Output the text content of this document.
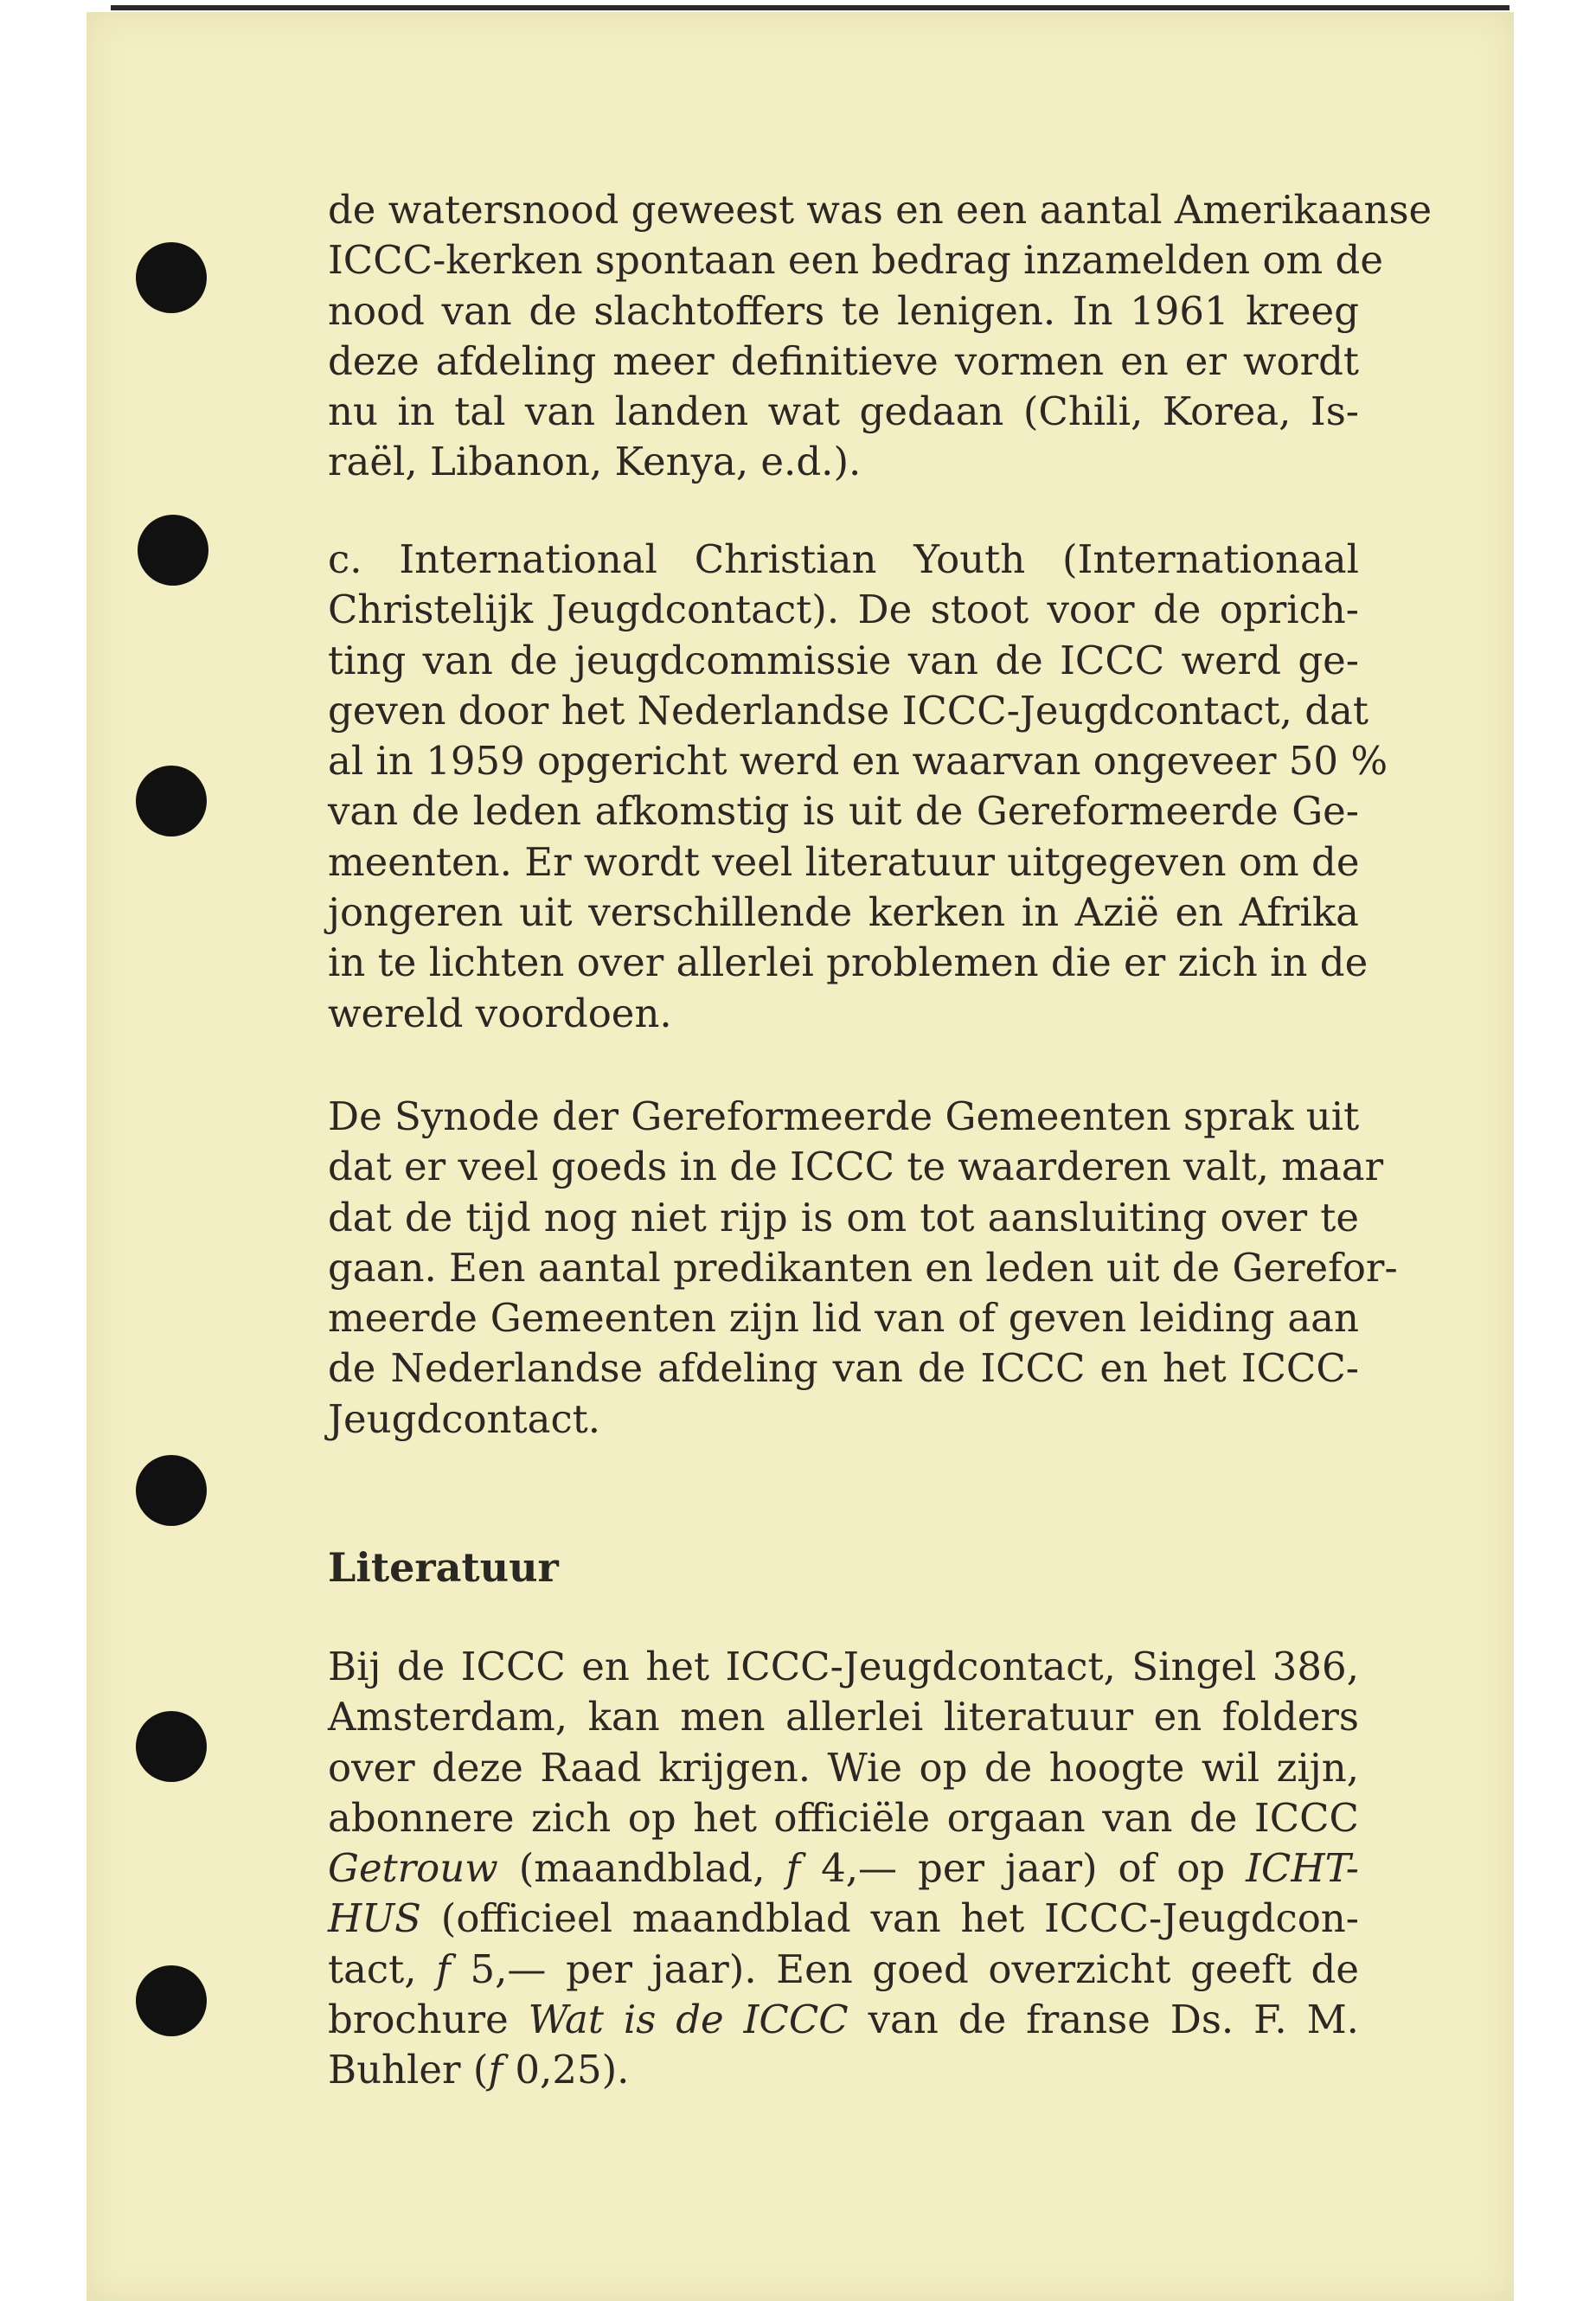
de watersnood geweest was en een aantal Amerikaanse
ICCC-kerken spontaan een bedrag inzamelden om de
nood van de slachtoffers te lenigen. In 1961 kreeg
deze afdeling meer definitieve vormen en er wordt
nu in tal van landen wat gedaan (Chili, Korea, Is-
raël, Libanon, Kenya, e.d.).
c. International Christian Youth (Internationaal
Christelijk Jeugdcontact). De stoot voor de oprich-
ting van de jeugdcommissie van de ICCC werd ge-
geven door het Nederlandse ICCC-Jeugdcontact, dat
al in 1959 opgericht werd en waarvan ongeveer 50 %
van de leden afkomstig is uit de Gereformeerde Ge-
meenten. Er wordt veel literatuur uitgegeven om de
jongeren uit verschillende kerken in Azië en Afrika
in te lichten over allerlei problemen die er zich in de
wereld voordoen.
De Synode der Gereformeerde Gemeenten sprak uit
dat er veel goeds in de ICCC te waarderen valt, maar
dat de tijd nog niet rijp is om tot aansluiting over te
gaan. Een aantal predikanten en leden uit de Gerefor-
meerde Gemeenten zijn lid van of geven leiding aan
de Nederlandse afdeling van de ICCC en het ICCC-
Jeugdcontact.
Literatuur
Bij de ICCC en het ICCC-Jeugdcontact, Singel 386,
Amsterdam, kan men allerlei literatuur en folders
over deze Raad krijgen. Wie op de hoogte wil zijn,
abonnere zich op het officiële orgaan van de ICCC
Getrouw (maandblad, f 4,— per jaar) of op ICHT-
HUS (officieel maandblad van het ICCC-Jeugdcon-
tact, f 5,— per jaar). Een goed overzicht geeft de
brochure Wat is de ICCC van de franse Ds. F. M.
Buhler (f 0,25).
